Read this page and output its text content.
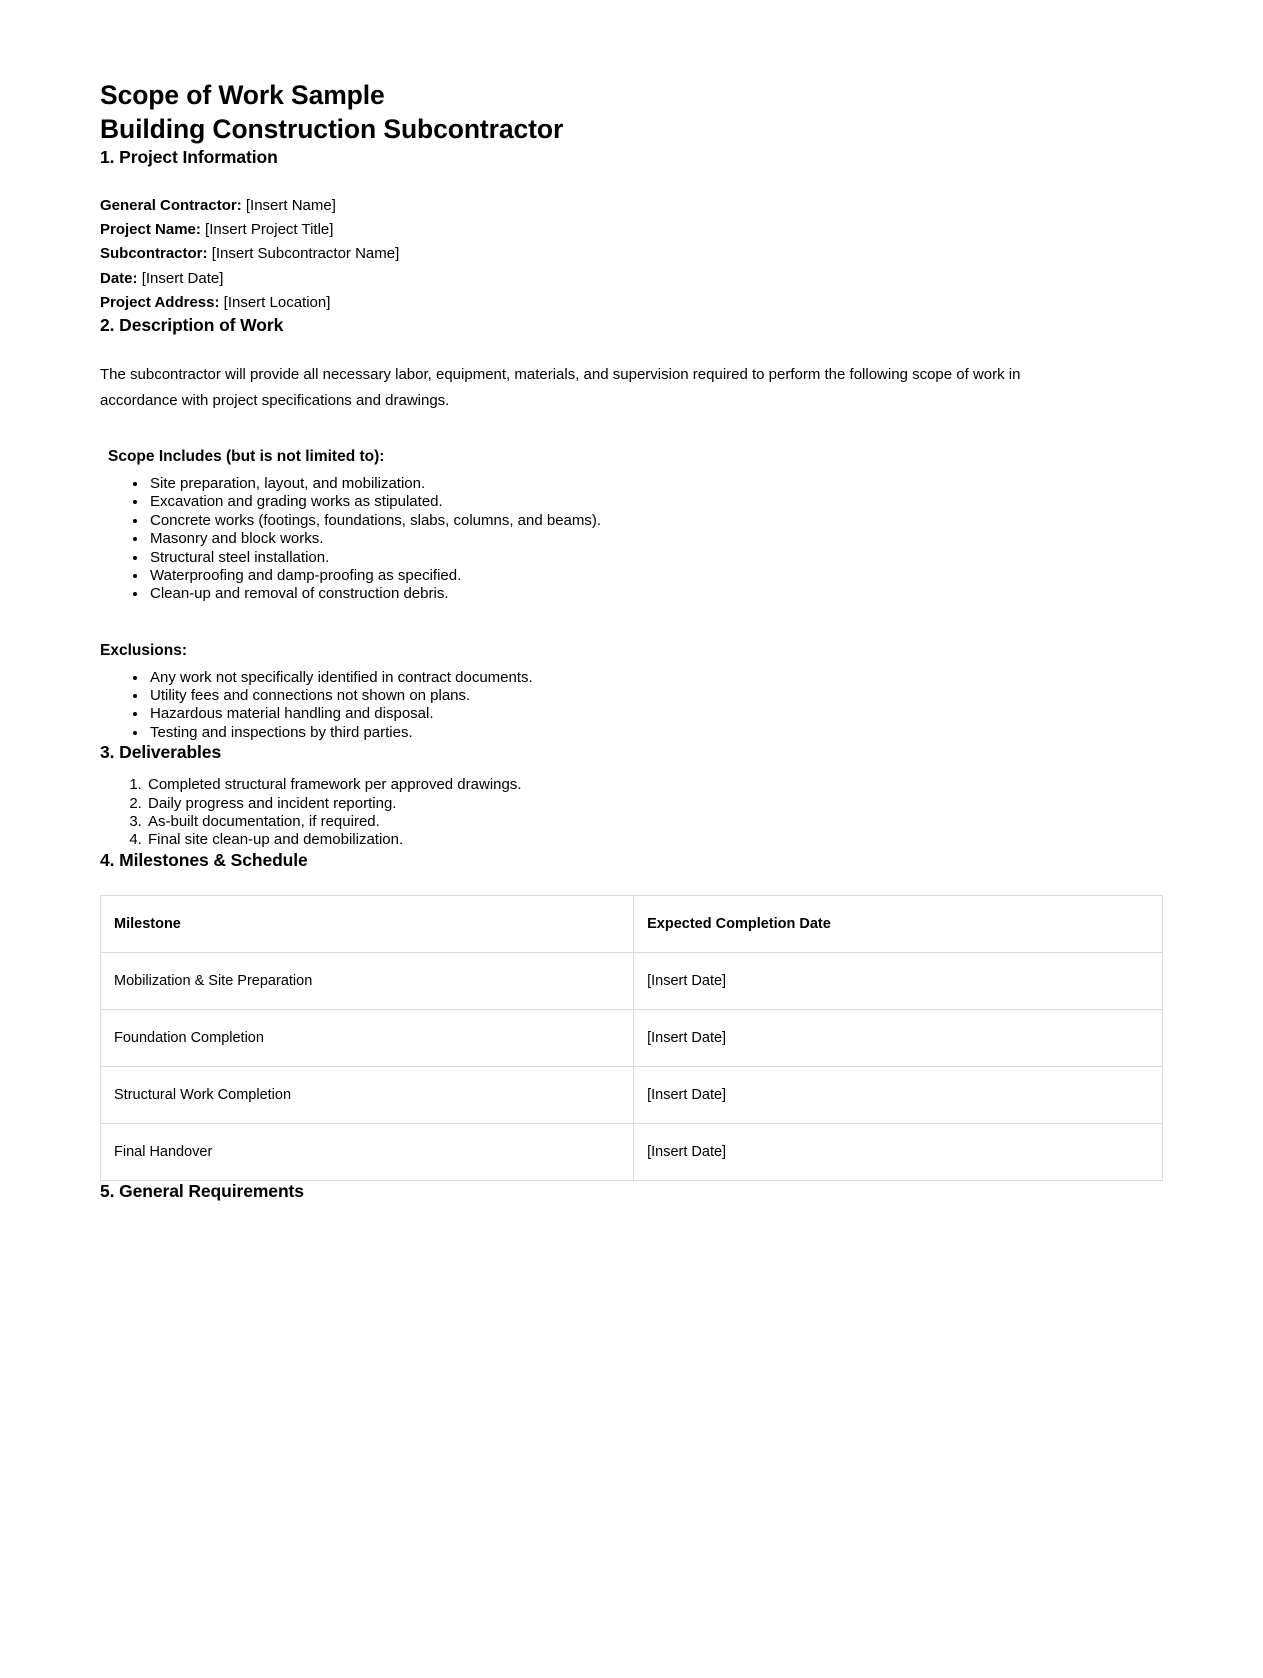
Scope of Work Sample
Building Construction Subcontractor
1. Project Information
General Contractor: [Insert Name]
Project Name: [Insert Project Title]
Subcontractor: [Insert Subcontractor Name]
Date: [Insert Date]
Project Address: [Insert Location]
2. Description of Work

The subcontractor will provide all necessary labor, equipment, materials, and supervision required to perform the following scope of work in accordance with project specifications and drawings.

Scope Includes (but is not limited to):
• Site preparation, layout, and mobilization.
• Excavation and grading works as stipulated.
• Concrete works (footings, foundations, slabs, columns, and beams).
• Masonry and block works.
• Structural steel installation.
• Waterproofing and damp-proofing as specified.
• Clean-up and removal of construction debris.
Exclusions:
• Any work not specifically identified in contract documents.
• Utility fees and connections not shown on plans.
• Hazardous material handling and disposal.
• Testing and inspections by third parties.
3. Deliverables
1. Completed structural framework per approved drawings.
2. Daily progress and incident reporting.
3. As-built documentation, if required.
4. Final site clean-up and demobilization.
4. Milestones & Schedule
Milestone	Expected Completion Date
Mobilization & Site Preparation	[Insert Date]
Foundation Completion	[Insert Date]
Structural Work Completion	[Insert Date]
Final Handover	[Insert Date]
5. General Requirements
